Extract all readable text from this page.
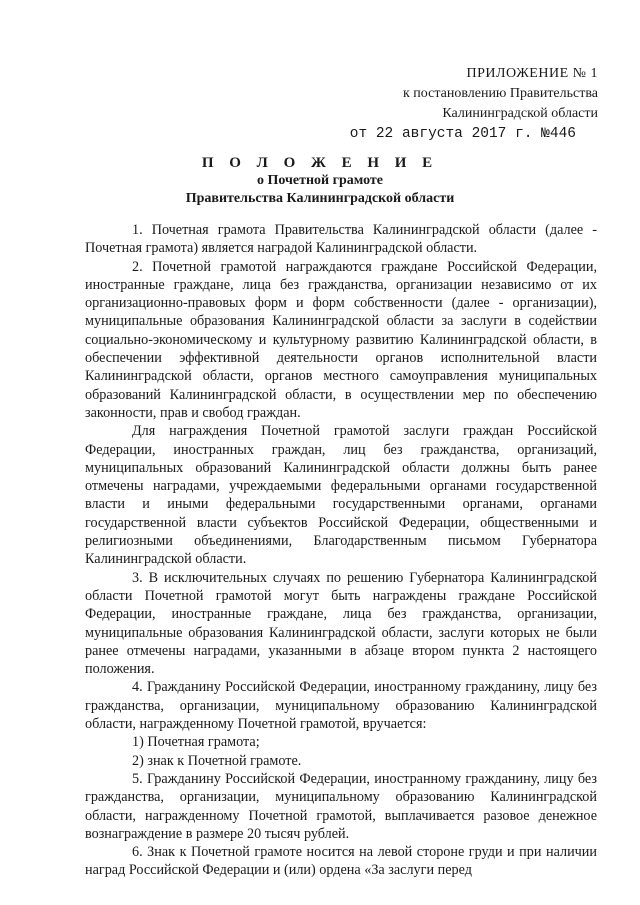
ПРИЛОЖЕНИЕ № 1
к постановлению Правительства
Калининградской области
от 22 августа 2017 г. №446
П О Л О Ж Е Н И Е
о Почетной грамоте
Правительства Калининградской области

1. Почетная грамота Правительства Калининградской области (далее - Почетная грамота) является наградой Калининградской области.

2. Почетной грамотой награждаются граждане Российской Федерации, иностранные граждане, лица без гражданства, организации независимо от их организационно-правовых форм и форм собственности (далее - организации), муниципальные образования Калининградской области за заслуги в содействии социально-экономическому и культурному развитию Калининградской области, в обеспечении эффективной деятельности органов исполнительной власти Калининградской области, органов местного самоуправления муниципальных образований Калининградской области, в осуществлении мер по обеспечению законности, прав и свобод граждан.

Для награждения Почетной грамотой заслуги граждан Российской Федерации, иностранных граждан, лиц без гражданства, организаций, муниципальных образований Калининградской области должны быть ранее отмечены наградами, учреждаемыми федеральными органами государственной власти и иными федеральными государственными органами, органами государственной власти субъектов Российской Федерации, общественными и религиозными объединениями, Благодарственным письмом Губернатора Калининградской области.

3. В исключительных случаях по решению Губернатора Калининградской области Почетной грамотой могут быть награждены граждане Российской Федерации, иностранные граждане, лица без гражданства, организации, муниципальные образования Калининградской области, заслуги которых не были ранее отмечены наградами, указанными в абзаце втором пункта 2 настоящего положения.

4. Гражданину Российской Федерации, иностранному гражданину, лицу без гражданства, организации, муниципальному образованию Калининградской области, награжденному Почетной грамотой, вручается:

1) Почетная грамота;

2) знак к Почетной грамоте.

5. Гражданину Российской Федерации, иностранному гражданину, лицу без гражданства, организации, муниципальному образованию Калининградской области, награжденному Почетной грамотой, выплачивается разовое денежное вознаграждение в размере 20 тысяч рублей.

6. Знак к Почетной грамоте носится на левой стороне груди и при наличии наград Российской Федерации и (или) ордена «За заслуги перед
